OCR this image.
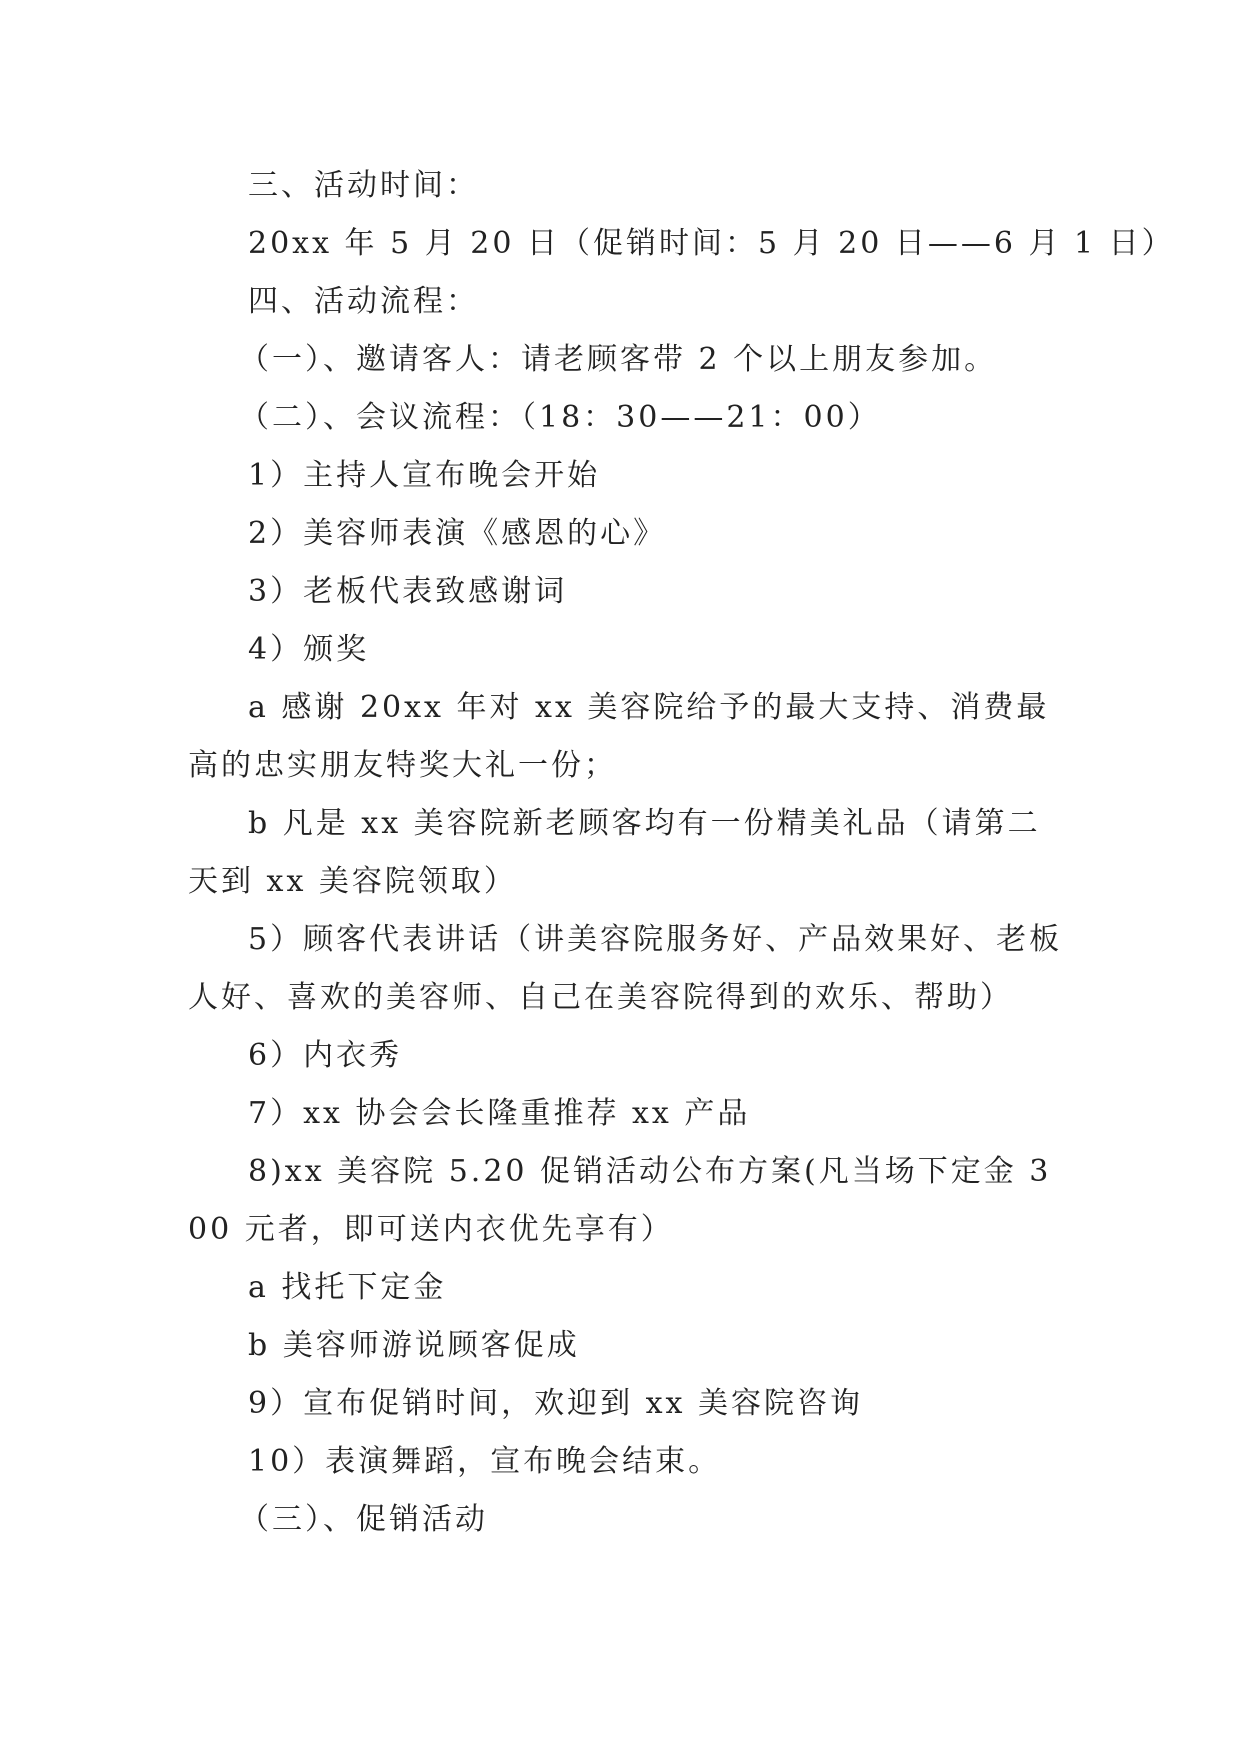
三、活动时间：

20xx 年 5 月 20 日（促销时间：5 月 20 日——6 月 1 日）

四、活动流程：

（一）、邀请客人：请老顾客带 2 个以上朋友参加。

（二）、会议流程：（18：30——21：00）

1）主持人宣布晚会开始

2）美容师表演《感恩的心》

3）老板代表致感谢词

4）颁奖

a 感谢 20xx 年对 xx 美容院给予的最大支持、消费最高的忠实朋友特奖大礼一份；

b 凡是 xx 美容院新老顾客均有一份精美礼品（请第二天到 xx 美容院领取）

5）顾客代表讲话（讲美容院服务好、产品效果好、老板人好、喜欢的美容师、自己在美容院得到的欢乐、帮助）

6）内衣秀

7）xx 协会会长隆重推荐 xx 产品

8)xx 美容院 5.20 促销活动公布方案(凡当场下定金 300 元者，即可送内衣优先享有）

a 找托下定金

b 美容师游说顾客促成

9）宣布促销时间，欢迎到 xx 美容院咨询

10）表演舞蹈，宣布晚会结束。

（三）、促销活动
